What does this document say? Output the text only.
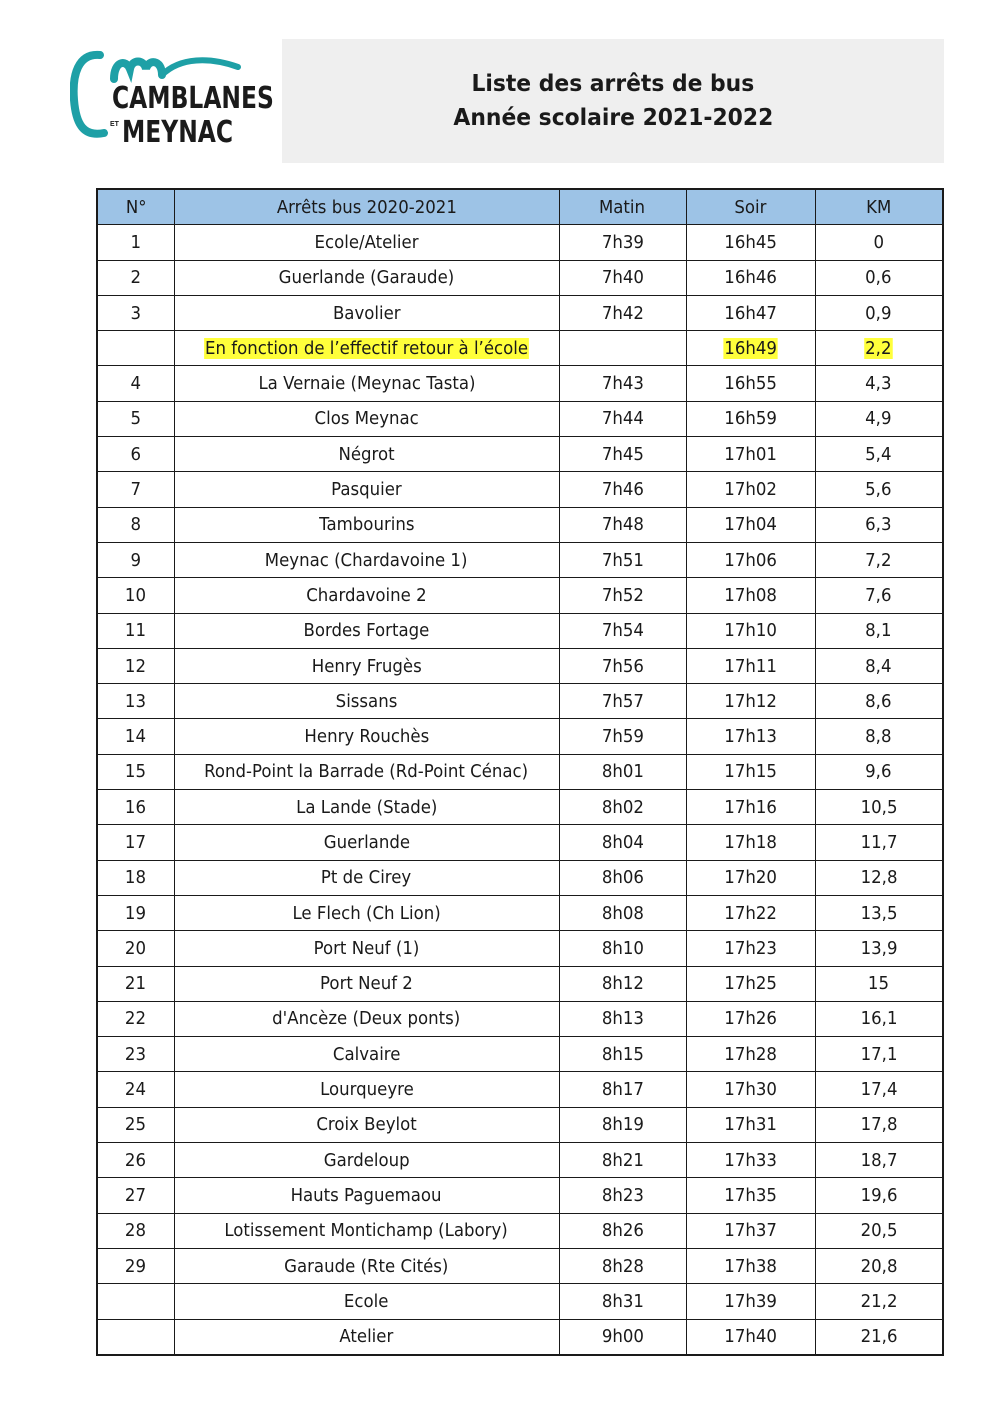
CAMBLANES
ET MEYNAC
Liste des arrêts de bus
Année scolaire 2021-2022
N°	Arrêts bus 2020-2021	Matin	Soir	KM
1	Ecole/Atelier	7h39	16h45	0
2	Guerlande (Garaude)	7h40	16h46	0,6
3	Bavolier	7h42	16h47	0,9
	En fonction de l’effectif retour à l’école		16h49	2,2
4	La Vernaie (Meynac Tasta)	7h43	16h55	4,3
5	Clos Meynac	7h44	16h59	4,9
6	Négrot	7h45	17h01	5,4
7	Pasquier	7h46	17h02	5,6
8	Tambourins	7h48	17h04	6,3
9	Meynac (Chardavoine 1)	7h51	17h06	7,2
10	Chardavoine 2	7h52	17h08	7,6
11	Bordes Fortage	7h54	17h10	8,1
12	Henry Frugès	7h56	17h11	8,4
13	Sissans	7h57	17h12	8,6
14	Henry Rouchès	7h59	17h13	8,8
15	Rond-Point la Barrade (Rd-Point Cénac)	8h01	17h15	9,6
16	La Lande (Stade)	8h02	17h16	10,5
17	Guerlande	8h04	17h18	11,7
18	Pt de Cirey	8h06	17h20	12,8
19	Le Flech (Ch Lion)	8h08	17h22	13,5
20	Port Neuf (1)	8h10	17h23	13,9
21	Port Neuf 2	8h12	17h25	15
22	d'Ancèze (Deux ponts)	8h13	17h26	16,1
23	Calvaire	8h15	17h28	17,1
24	Lourqueyre	8h17	17h30	17,4
25	Croix Beylot	8h19	17h31	17,8
26	Gardeloup	8h21	17h33	18,7
27	Hauts Paguemaou	8h23	17h35	19,6
28	Lotissement Montichamp (Labory)	8h26	17h37	20,5
29	Garaude (Rte Cités)	8h28	17h38	20,8
	Ecole	8h31	17h39	21,2
	Atelier	9h00	17h40	21,6
